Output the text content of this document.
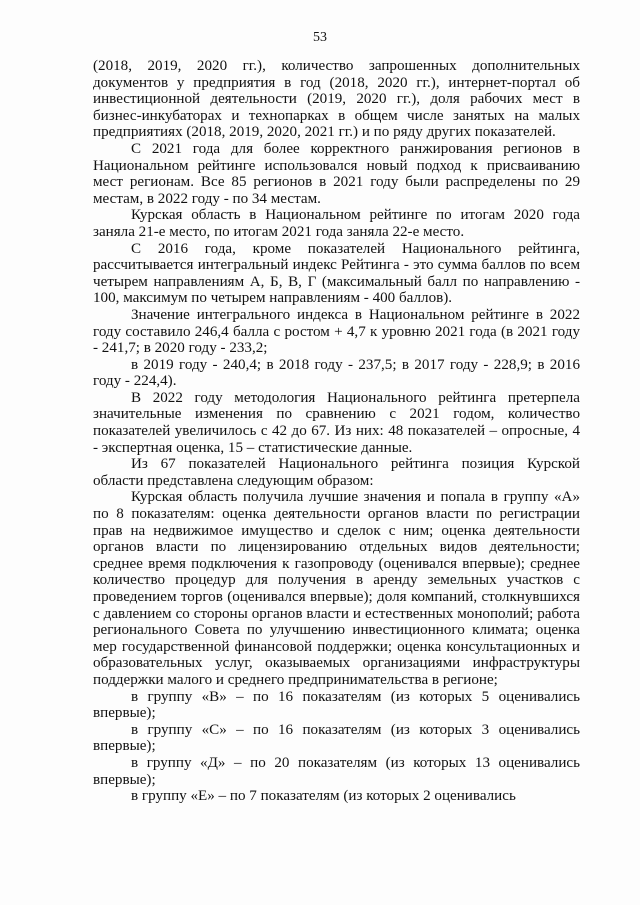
53

(2018, 2019, 2020 гг.), количество запрошенных дополнительных документов у предприятия в год (2018, 2020 гг.), интернет-портал об инвестиционной деятельности (2019, 2020 гг.), доля рабочих мест в бизнес-инкубаторах и технопарках в общем числе занятых на малых предприятиях (2018, 2019, 2020, 2021 гг.) и по ряду других показателей.

С 2021 года для более корректного ранжирования регионов в Национальном рейтинге использовался новый подход к присваиванию мест регионам. Все 85 регионов в 2021 году были распределены по 29 местам, в 2022 году - по 34 местам.

Курская область в Национальном рейтинге по итогам 2020 года заняла 21-е место, по итогам 2021 года заняла 22-е место.

С 2016 года, кроме показателей Национального рейтинга, рассчитывается интегральный индекс Рейтинга - это сумма баллов по всем четырем направлениям А, Б, В, Г (максимальный балл по направлению - 100, максимум по четырем направлениям - 400 баллов).

Значение интегрального индекса в Национальном рейтинге в 2022 году составило 246,4 балла с ростом + 4,7 к уровню 2021 года (в 2021 году - 241,7; в 2020 году - 233,2;

в 2019 году - 240,4; в 2018 году - 237,5; в 2017 году - 228,9; в 2016 году - 224,4).

В 2022 году методология Национального рейтинга претерпела значительные изменения по сравнению с 2021 годом, количество показателей увеличилось с 42 до 67. Из них: 48 показателей – опросные, 4 - экспертная оценка, 15 – статистические данные.

Из 67 показателей Национального рейтинга позиция Курской области представлена следующим образом:

Курская область получила лучшие значения и попала в группу «А» по 8 показателям: оценка деятельности органов власти по регистрации прав на недвижимое имущество и сделок с ним; оценка деятельности органов власти по лицензированию отдельных видов деятельности; среднее время подключения к газопроводу (оценивался впервые); среднее количество процедур для получения в аренду земельных участков с проведением торгов (оценивался впервые); доля компаний, столкнувшихся с давлением со стороны органов власти и естественных монополий; работа регионального Совета по улучшению инвестиционного климата; оценка мер государственной финансовой поддержки; оценка консультационных и образовательных услуг, оказываемых организациями инфраструктуры поддержки малого и среднего предпринимательства в регионе;

в группу «В» – по 16 показателям (из которых 5 оценивались впервые);

в группу «С» – по 16 показателям (из которых 3 оценивались впервые);

в группу «Д» – по 20 показателям (из которых 13 оценивались впервые);

в группу «Е» – по 7 показателям (из которых 2 оценивались
